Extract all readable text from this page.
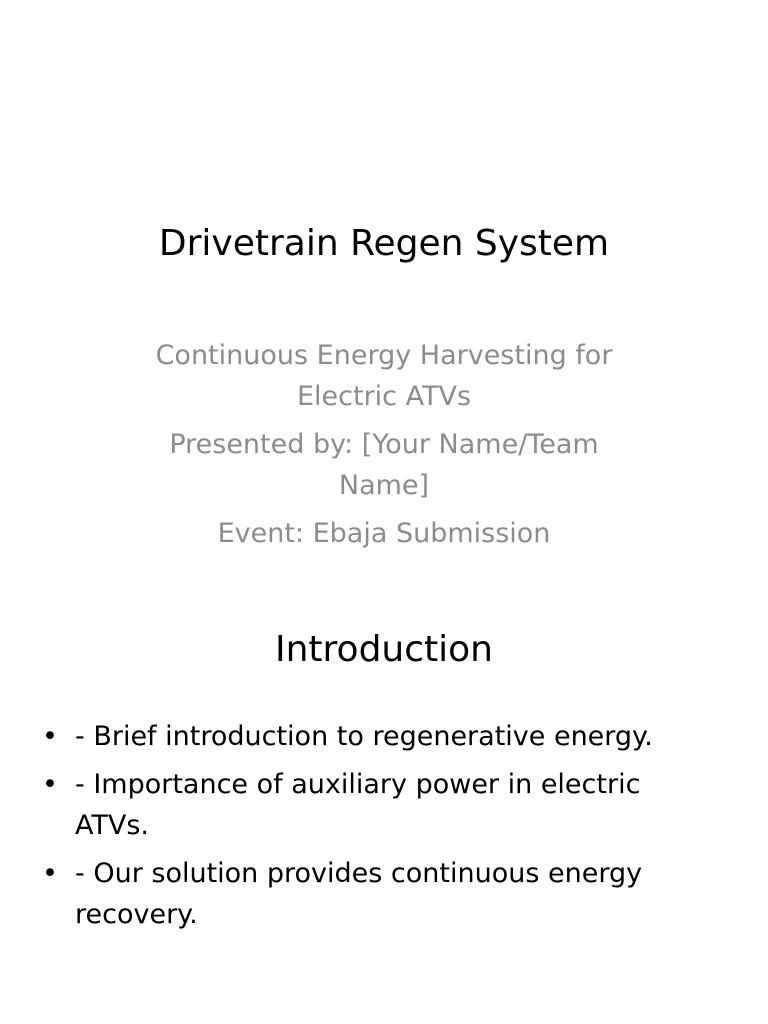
Drivetrain Regen System

Continuous Energy Harvesting for Electric ATVs

Presented by: [Your Name/Team Name]

Event: Ebaja Submission

Introduction
• - Brief introduction to regenerative energy.
• - Importance of auxiliary power in electric ATVs.
• - Our solution provides continuous energy recovery.
